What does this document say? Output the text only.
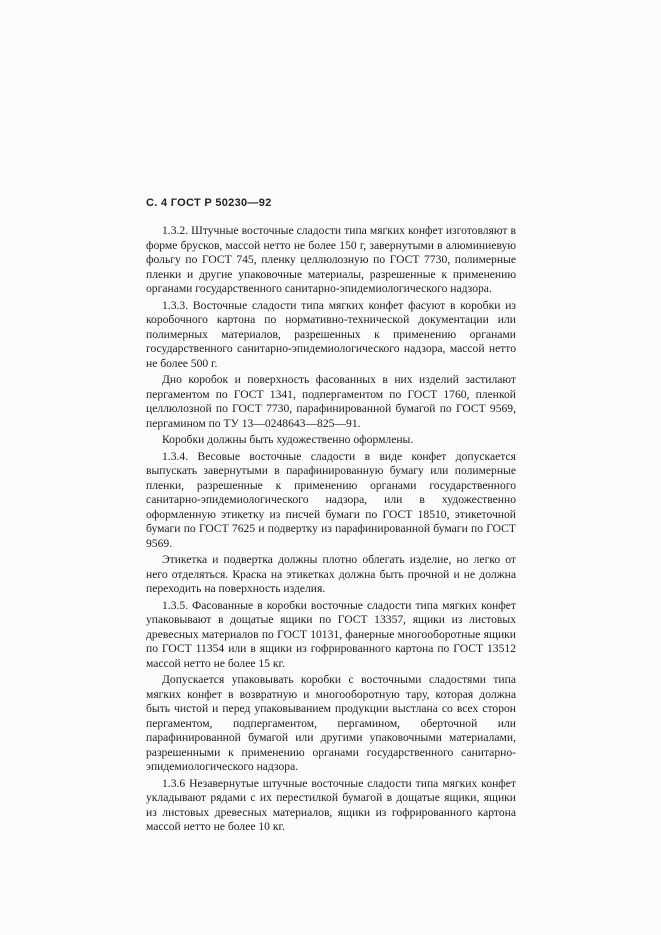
С. 4 ГОСТ Р 50230—92

1.3.2. Штучные восточные сладости типа мягких конфет изготовляют в форме брусков, массой нетто не более 150 г, завернутыми в алюминиевую фольгу по ГОСТ 745, пленку целлюлозную по ГОСТ 7730, полимерные пленки и другие упаковочные материалы, разрешенные к применению органами государственного санитарно-эпидемиологического надзора.

1.3.3. Восточные сладости типа мягких конфет фасуют в коробки из коробочного картона по нормативно-технической документации или полимерных материалов, разрешенных к применению органами государственного санитарно-эпидемиологического надзора, массой нетто не более 500 г.

Дно коробок и поверхность фасованных в них изделий застилают пергаментом по ГОСТ 1341, подпергаментом по ГОСТ 1760, пленкой целлюлозной по ГОСТ 7730, парафинированной бумагой по ГОСТ 9569, пергамином по ТУ 13—0248643—825—91.

Коробки должны быть художественно оформлены.

1.3.4. Весовые восточные сладости в виде конфет допускается выпускать завернутыми в парафинированную бумагу или полимерные пленки, разрешенные к применению органами государственного санитарно-эпидемиологического надзора, или в художественно оформленную этикетку из писчей бумаги по ГОСТ 18510, этикеточной бумаги по ГОСТ 7625 и подвертку из парафинированной бумаги по ГОСТ 9569.

Этикетка и подвертка должны плотно облегать изделие, но легко от него отделяться. Краска на этикетках должна быть прочной и не должна переходить на поверхность изделия.

1.3.5. Фасованные в коробки восточные сладости типа мягких конфет упаковывают в дощатые ящики по ГОСТ 13357, ящики из листовых древесных материалов по ГОСТ 10131, фанерные многооборотные ящики по ГОСТ 11354 или в ящики из гофрированного картона по ГОСТ 13512 массой нетто не более 15 кг.

Допускается упаковывать коробки с восточными сладостями типа мягких конфет в возвратную и многооборотную тару, которая должна быть чистой и перед упаковыванием продукции выстлана со всех сторон пергаментом, подпергаментом, пергамином, оберточной или парафинированной бумагой или другими упаковочными материалами, разрешенными к применению органами государственного санитарно-эпидемиологического надзора.

1.3.6 Незавернутые штучные восточные сладости типа мягких конфет укладывают рядами с их перестилкой бумагой в дощатые ящики, ящики из листовых древесных материалов, ящики из гофрированного картона массой нетто не более 10 кг.
